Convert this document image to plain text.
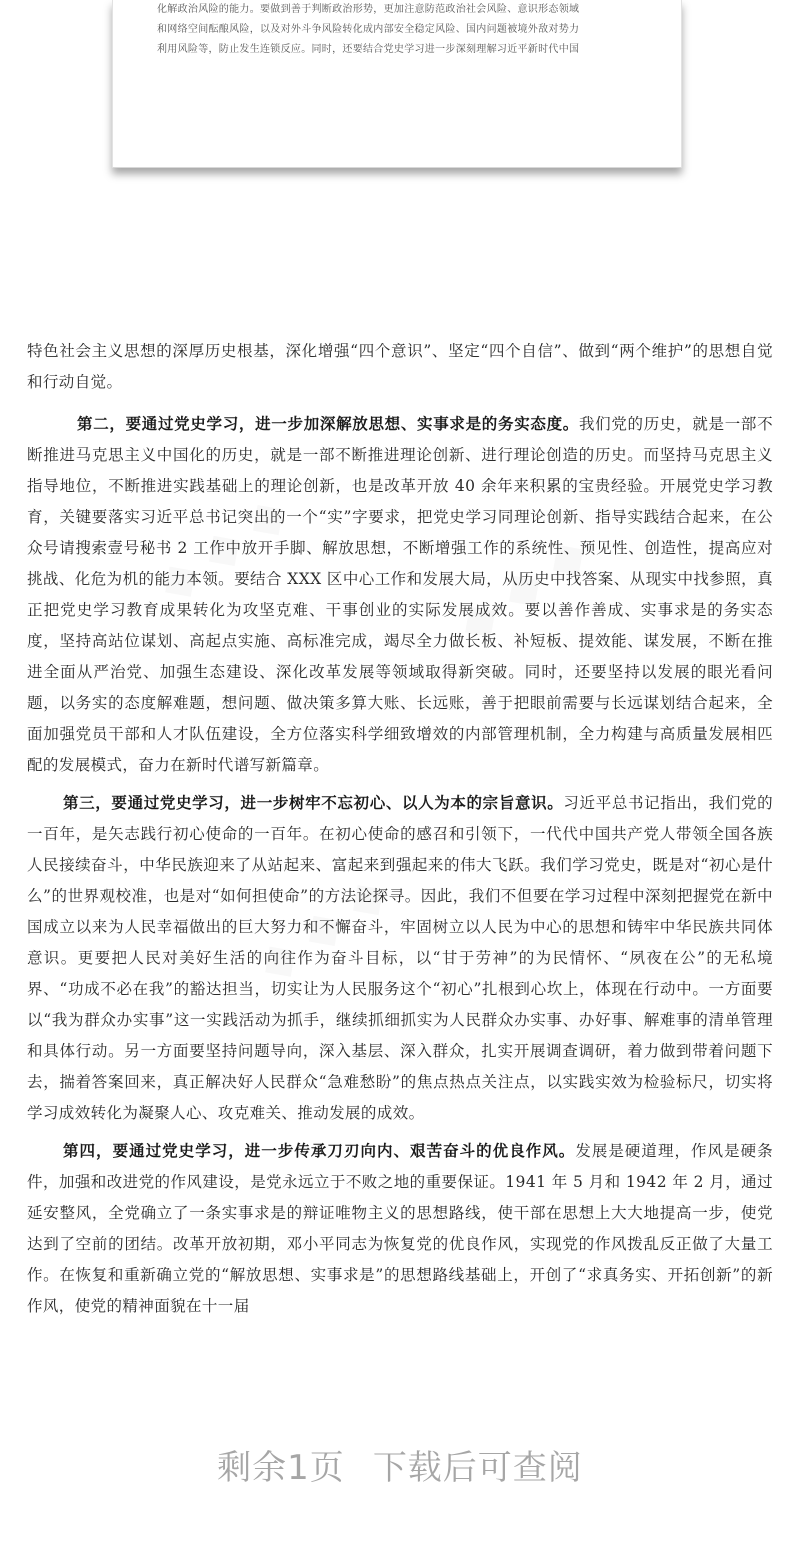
化解政治风险的能力。要做到善于判断政治形势，更加注意防范政治社会风险、意识形态领域
和网络空间酝酿风险，以及对外斗争风险转化成内部安全稳定风险、国内问题被境外敌对势力
利用风险等，防止发生连锁反应。同时，还要结合党史学习进一步深刻理解习近平新时代中国
◆ ◆ ◆	◆ ◆ ◆
◆ ◆ ◆

特色社会主义思想的深厚历史根基，深化增强“四个意识”、坚定“四个自信”、做到“两个维护”的思想自觉和行动自觉。

第二，要通过党史学习，进一步加深解放思想、实事求是的务实态度。我们党的历史，就是一部不断推进马克思主义中国化的历史，就是一部不断推进理论创新、进行理论创造的历史。而坚持马克思主义指导地位，不断推进实践基础上的理论创新，也是改革开放 40 余年来积累的宝贵经验。开展党史学习教育，关键要落实习近平总书记突出的一个“实”字要求，把党史学习同理论创新、指导实践结合起来，在公众号请搜索壹号秘书 2 工作中放开手脚、解放思想，不断增强工作的系统性、预见性、创造性，提高应对挑战、化危为机的能力本领。要结合 XXX 区中心工作和发展大局，从历史中找答案、从现实中找参照，真正把党史学习教育成果转化为攻坚克难、干事创业的实际发展成效。要以善作善成、实事求是的务实态度，坚持高站位谋划、高起点实施、高标准完成，竭尽全力做长板、补短板、提效能、谋发展，不断在推进全面从严治党、加强生态建设、深化改革发展等领域取得新突破。同时，还要坚持以发展的眼光看问题，以务实的态度解难题，想问题、做决策多算大账、长远账，善于把眼前需要与长远谋划结合起来，全面加强党员干部和人才队伍建设，全方位落实科学细致增效的内部管理机制，全力构建与高质量发展相匹配的发展模式，奋力在新时代谱写新篇章。

第三，要通过党史学习，进一步树牢不忘初心、以人为本的宗旨意识。习近平总书记指出，我们党的一百年，是矢志践行初心使命的一百年。在初心使命的感召和引领下，一代代中国共产党人带领全国各族人民接续奋斗，中华民族迎来了从站起来、富起来到强起来的伟大飞跃。我们学习党史，既是对“初心是什么”的世界观校准，也是对“如何担使命”的方法论探寻。因此，我们不但要在学习过程中深刻把握党在新中国成立以来为人民幸福做出的巨大努力和不懈奋斗，牢固树立以人民为中心的思想和铸牢中华民族共同体意识。更要把人民对美好生活的向往作为奋斗目标，以“甘于劳神”的为民情怀、“夙夜在公”的无私境界、“功成不必在我”的豁达担当，切实让为人民服务这个“初心”扎根到心坎上，体现在行动中。一方面要以“我为群众办实事”这一实践活动为抓手，继续抓细抓实为人民群众办实事、办好事、解难事的清单管理和具体行动。另一方面要坚持问题导向，深入基层、深入群众，扎实开展调查调研，着力做到带着问题下去，揣着答案回来，真正解决好人民群众“急难愁盼”的焦点热点关注点，以实践实效为检验标尺，切实将学习成效转化为凝聚人心、攻克难关、推动发展的成效。

第四，要通过党史学习，进一步传承刀刃向内、艰苦奋斗的优良作风。发展是硬道理，作风是硬条件，加强和改进党的作风建设，是党永远立于不败之地的重要保证。1941 年 5 月和 1942 年 2 月，通过延安整风，全党确立了一条实事求是的辩证唯物主义的思想路线，使干部在思想上大大地提高一步，使党达到了空前的团结。改革开放初期，邓小平同志为恢复党的优良作风，实现党的作风拨乱反正做了大量工作。在恢复和重新确立党的“解放思想、实事求是”的思想路线基础上，开创了“求真务实、开拓创新”的新作风，使党的精神面貌在十一届

剩余1页 下载后可查阅
